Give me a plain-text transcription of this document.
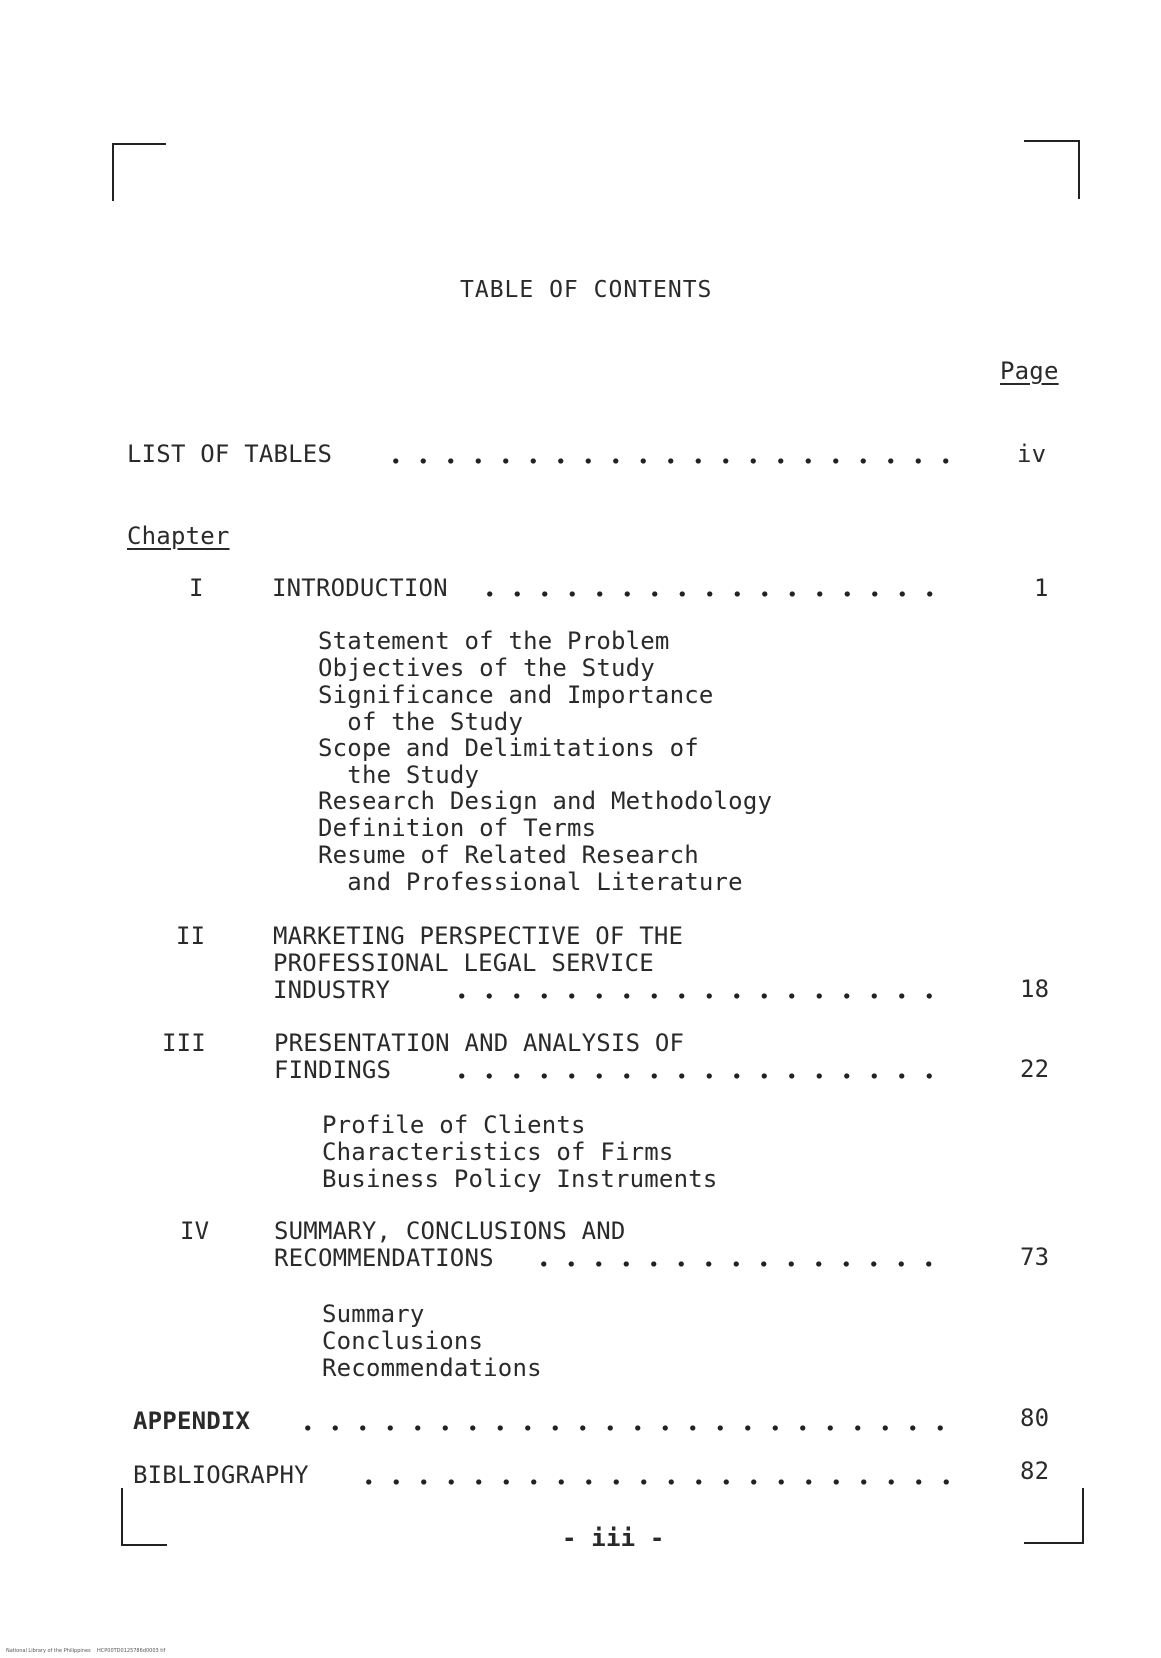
TABLE OF CONTENTS
Page
LIST OF TABLES	iv
Chapter
I	INTRODUCTION	1
Statement of the Problem
Objectives of the Study
Significance and Importance
of the Study
Scope and Delimitations of
the Study
Research Design and Methodology
Definition of Terms
Resume of Related Research
and Professional Literature
II	MARKETING PERSPECTIVE OF THE
PROFESSIONAL LEGAL SERVICE
INDUSTRY	18
III	PRESENTATION AND ANALYSIS OF
FINDINGS	22
Profile of Clients
Characteristics of Firms
Business Policy Instruments
IV	SUMMARY, CONCLUSIONS AND
RECOMMENDATIONS	73
Summary
Conclusions
Recommendations
APPENDIX	80
BIBLIOGRAPHY	82
- iii -
National Library of the Philippines    HCP00TD0125786d0003 tif
